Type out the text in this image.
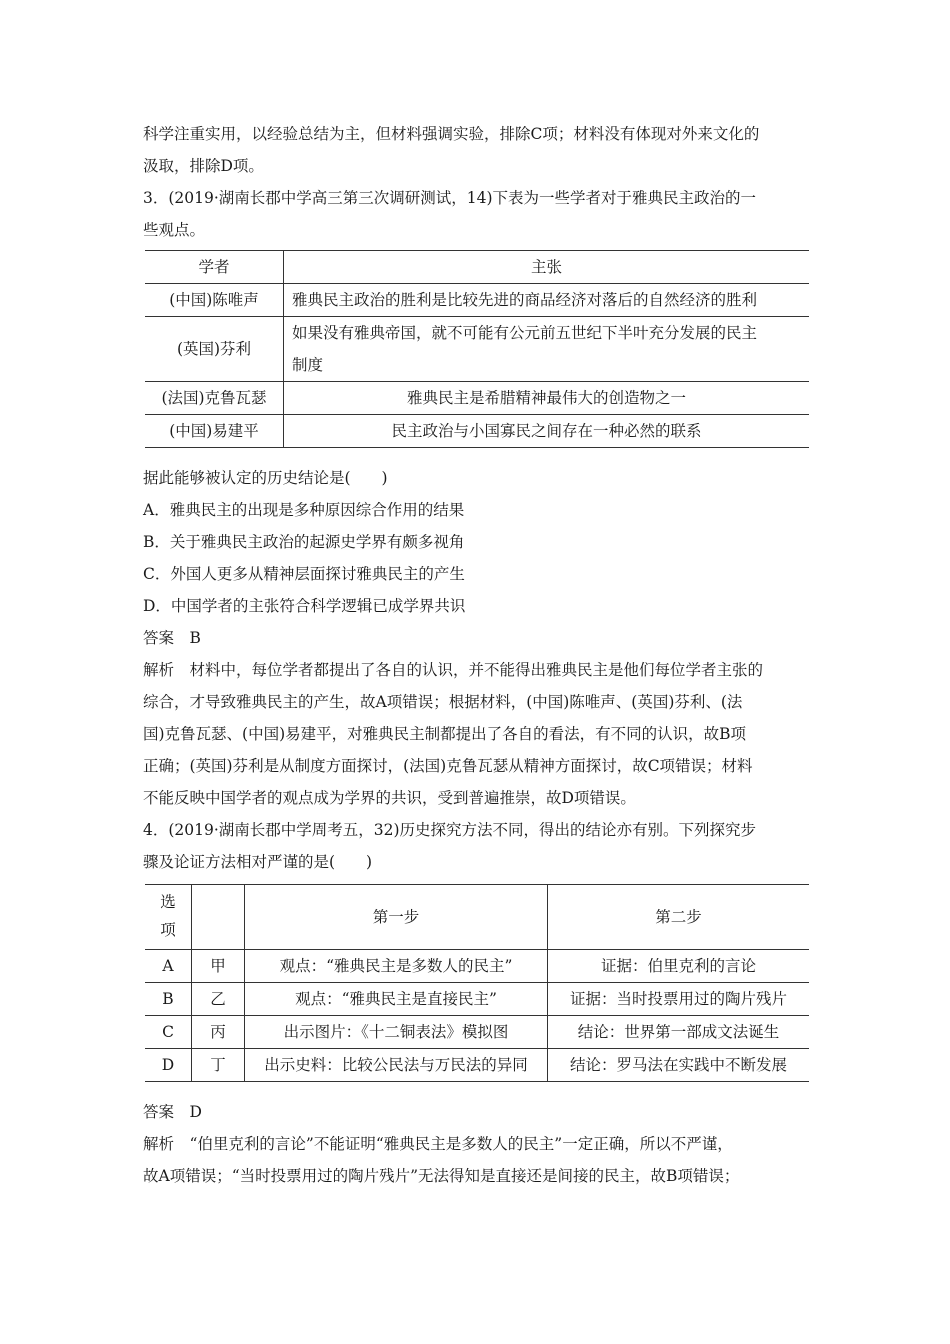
科学注重实用，以经验总结为主，但材料强调实验，排除C项；材料没有体现对外来文化的
汲取，排除D项。
3．(2019·湖南长郡中学高三第三次调研测试，14)下表为一些学者对于雅典民主政治的一
些观点。
学者	主张
(中国)陈唯声	雅典民主政治的胜利是比较先进的商品经济对落后的自然经济的胜利
(英国)芬利	如果没有雅典帝国，就不可能有公元前五世纪下半叶充分发展的民主
制度

(法国)克鲁瓦瑟	雅典民主是希腊精神最伟大的创造物之一
(中国)易建平	民主政治与小国寡民之间存在一种必然的联系
据此能够被认定的历史结论是(　　)
A．雅典民主的出现是多种原因综合作用的结果
B．关于雅典民主政治的起源史学界有颇多视角
C．外国人更多从精神层面探讨雅典民主的产生
D．中国学者的主张符合科学逻辑已成学界共识
答案　B
解析　材料中，每位学者都提出了各自的认识，并不能得出雅典民主是他们每位学者主张的
综合，才导致雅典民主的产生，故A项错误；根据材料，(中国)陈唯声、(英国)芬利、(法
国)克鲁瓦瑟、(中国)易建平，对雅典民主制都提出了各自的看法，有不同的认识，故B项
正确；(英国)芬利是从制度方面探讨，(法国)克鲁瓦瑟从精神方面探讨，故C项错误；材料
不能反映中国学者的观点成为学界的共识，受到普遍推崇，故D项错误。
4．(2019·湖南长郡中学周考五，32)历史探究方法不同，得出的结论亦有别。下列探究步
骤及论证方法相对严谨的是(　　)
选
项		第一步	第二步
A	甲	观点：“雅典民主是多数人的民主”	证据：伯里克利的言论
B	乙	观点：“雅典民主是直接民主”	证据：当时投票用过的陶片残片
C	丙	出示图片：《十二铜表法》模拟图	结论：世界第一部成文法诞生
D	丁	出示史料：比较公民法与万民法的异同	结论：罗马法在实践中不断发展
答案　D
解析　“伯里克利的言论”不能证明“雅典民主是多数人的民主”一定正确，所以不严谨，
故A项错误；“当时投票用过的陶片残片”无法得知是直接还是间接的民主，故B项错误；
